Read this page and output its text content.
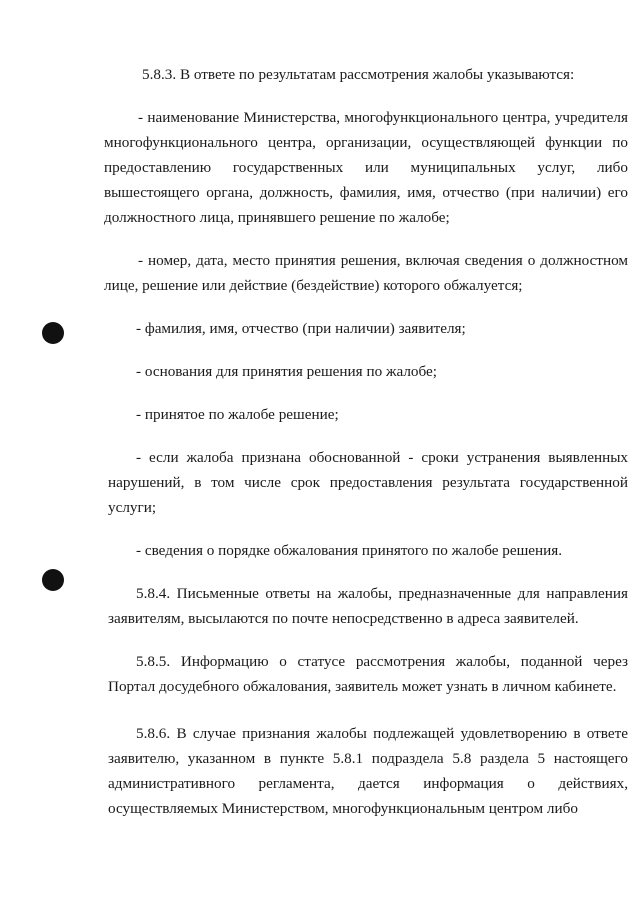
5.8.3. В ответе по результатам рассмотрения жалобы указываются:

- наименование Министерства, многофункционального центра, учредителя многофункционального центра, организации, осуществляющей функции по предоставлению государственных или муниципальных услуг, либо вышестоящего органа, должность, фамилия, имя, отчество (при наличии) его должностного лица, принявшего решение по жалобе;

- номер, дата, место принятия решения, включая сведения о должностном лице, решение или действие (бездействие) которого обжалуется;

- фамилия, имя, отчество (при наличии) заявителя;

- основания для принятия решения по жалобе;

- принятое по жалобе решение;

- если жалоба признана обоснованной - сроки устранения выявленных нарушений, в том числе срок предоставления результата государственной услуги;

- сведения о порядке обжалования принятого по жалобе решения.

5.8.4. Письменные ответы на жалобы, предназначенные для направления заявителям, высылаются по почте непосредственно в адреса заявителей.

5.8.5. Информацию о статусе рассмотрения жалобы, поданной через Портал досудебного обжалования, заявитель может узнать в личном кабинете.

5.8.6. В случае признания жалобы подлежащей удовлетворению в ответе заявителю, указанном в пункте 5.8.1 подраздела 5.8 раздела 5 настоящего административного регламента, дается информация о действиях, осуществляемых Министерством, многофункциональным центром либо
